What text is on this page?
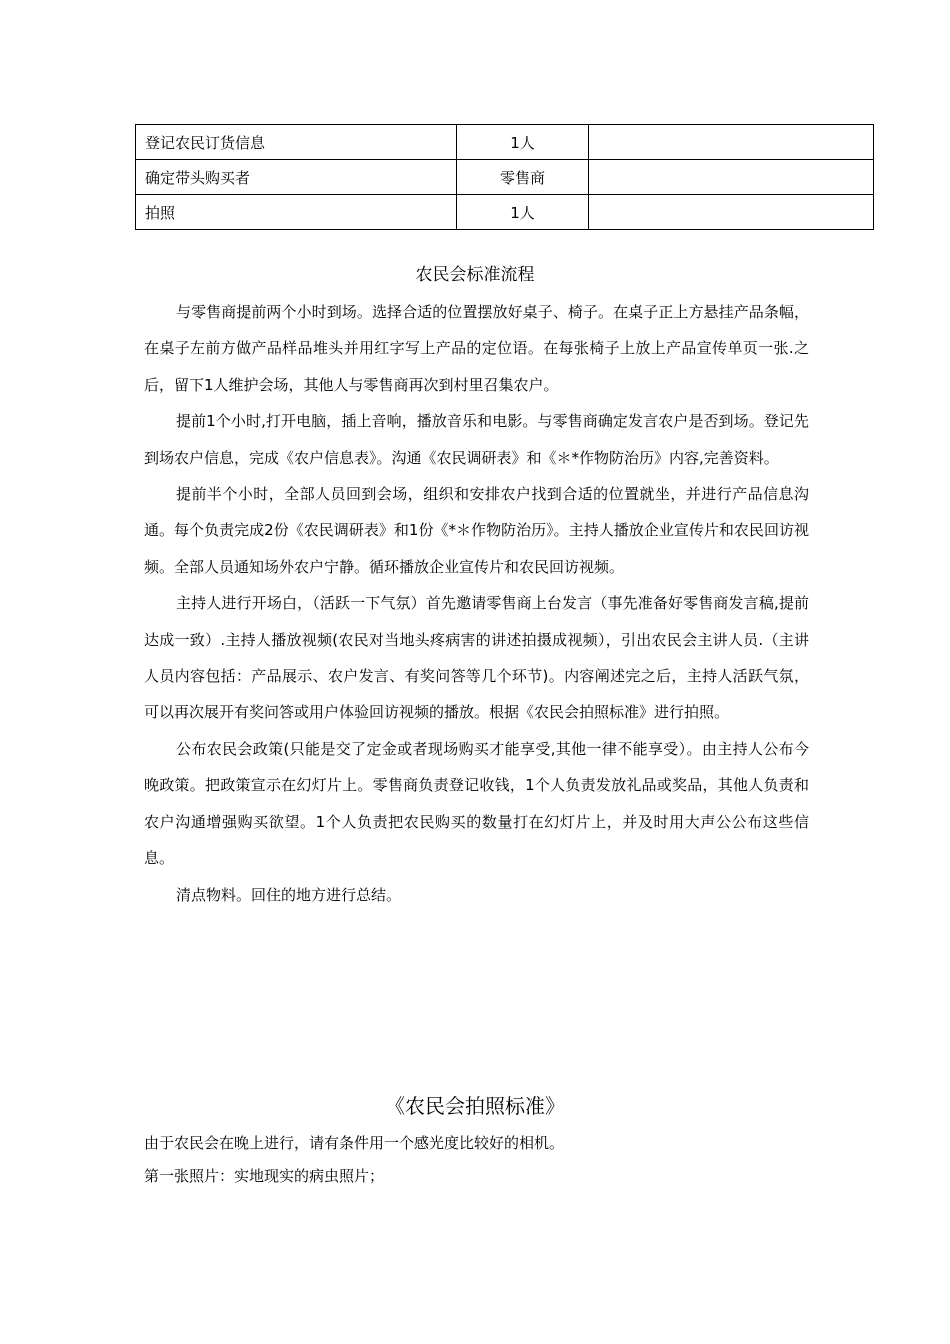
登记农民订货信息	1人	
确定带头购买者	零售商	
拍照	1人	
农民会标准流程

与零售商提前两个小时到场。选择合适的位置摆放好桌子、椅子。在桌子正上方悬挂产品条幅，在桌子左前方做产品样品堆头并用红字写上产品的定位语。在每张椅子上放上产品宣传单页一张.之后，留下1人维护会场，其他人与零售商再次到村里召集农户。

提前1个小时,打开电脑，插上音响，播放音乐和电影。与零售商确定发言农户是否到场。登记先到场农户信息，完成《农户信息表》。沟通《农民调研表》和《＊*作物防治历》内容,完善资料。

提前半个小时，全部人员回到会场，组织和安排农户找到合适的位置就坐，并进行产品信息沟通。每个负责完成2份《农民调研表》和1份《*＊作物防治历》。主持人播放企业宣传片和农民回访视频。全部人员通知场外农户宁静。循环播放企业宣传片和农民回访视频。

主持人进行开场白，（活跃一下气氛）首先邀请零售商上台发言（事先准备好零售商发言稿,提前达成一致）.主持人播放视频(农民对当地头疼病害的讲述拍摄成视频），引出农民会主讲人员.（主讲人员内容包括：产品展示、农户发言、有奖问答等几个环节)。内容阐述完之后，主持人活跃气氛，可以再次展开有奖问答或用户体验回访视频的播放。根据《农民会拍照标准》进行拍照。

公布农民会政策(只能是交了定金或者现场购买才能享受,其他一律不能享受）。由主持人公布今晚政策。把政策宣示在幻灯片上。零售商负责登记收钱，1个人负责发放礼品或奖品，其他人负责和农户沟通增强购买欲望。1个人负责把农民购买的数量打在幻灯片上，并及时用大声公公布这些信息。

清点物料。回住的地方进行总结。

《农民会拍照标准》

由于农民会在晚上进行，请有条件用一个感光度比较好的相机。

第一张照片：实地现实的病虫照片；
